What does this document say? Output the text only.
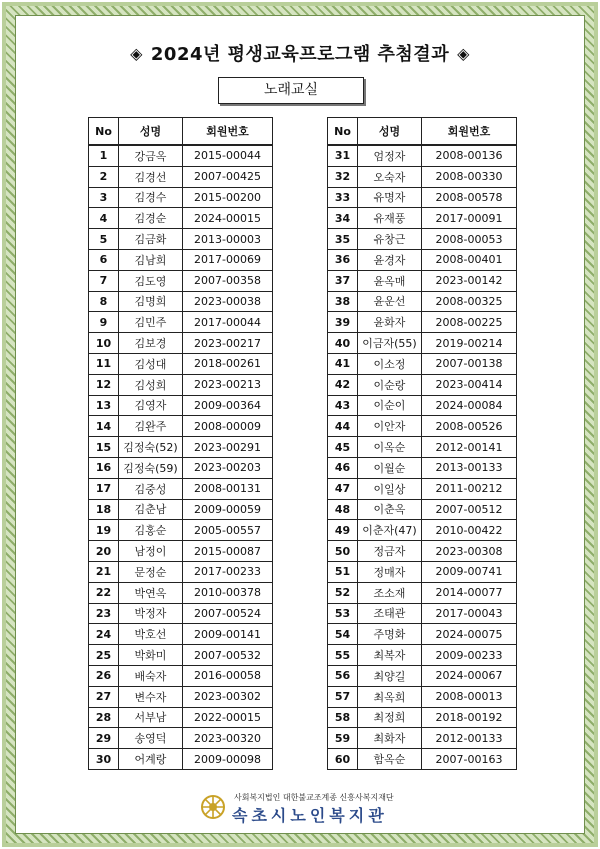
◈ 2024년 평생교육프로그램 추첨결과 ◈
노래교실
No	성명	회원번호
1	강금옥	2015-00044
2	김경선	2007-00425
3	김경수	2015-00200
4	김경순	2024-00015
5	김금화	2013-00003
6	김남희	2017-00069
7	김도영	2007-00358
8	김명희	2023-00038
9	김민주	2017-00044
10	김보경	2023-00217
11	김성대	2018-00261
12	김성희	2023-00213
13	김영자	2009-00364
14	김완주	2008-00009
15	김정숙(52)	2023-00291
16	김정숙(59)	2023-00203
17	김중성	2008-00131
18	김춘남	2009-00059
19	김홍순	2005-00557
20	남정이	2015-00087
21	문정순	2017-00233
22	박연옥	2010-00378
23	박정자	2007-00524
24	박호선	2009-00141
25	박화미	2007-00532
26	배숙자	2016-00058
27	변수자	2023-00302
28	서부남	2022-00015
29	송영덕	2023-00320
30	어계랑	2009-00098
No	성명	회원번호
31	엄정자	2008-00136
32	오숙자	2008-00330
33	유명자	2008-00578
34	유재풍	2017-00091
35	유창근	2008-00053
36	윤경자	2008-00401
37	윤옥매	2023-00142
38	윤운선	2008-00325
39	윤화자	2008-00225
40	이금자(55)	2019-00214
41	이소정	2007-00138
42	이순랑	2023-00414
43	이순이	2024-00084
44	이안자	2008-00526
45	이옥순	2012-00141
46	이월순	2013-00133
47	이일상	2011-00212
48	이춘옥	2007-00512
49	이춘자(47)	2010-00422
50	정금자	2023-00308
51	정매자	2009-00741
52	조소재	2014-00077
53	조태관	2017-00043
54	주명화	2024-00075
55	최복자	2009-00233
56	최양길	2024-00067
57	최옥희	2008-00013
58	최정희	2018-00192
59	최화자	2012-00133
60	함옥순	2007-00163
사회복지법인 대한불교조계종 신흥사복지재단
속초시노인복지관
